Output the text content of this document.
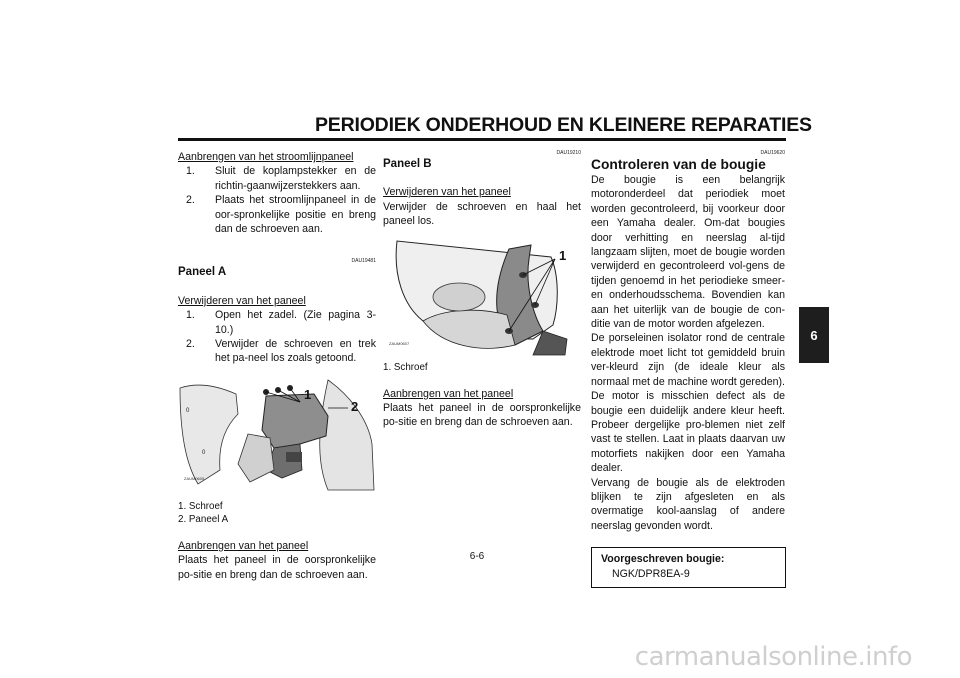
PERIODIEK ONDERHOUD EN KLEINERE REPARATIES

Aanbrengen van het stroomlijnpaneel

1. Sluit de koplampstekker en de richtin-gaanwijzerstekkers aan.
2. Plaats het stroomlijnpaneel in de oor-spronkelijke positie en breng dan de schroeven aan.

DAU19481

Paneel A

Verwijderen van het paneel

1. Open het zadel. (Zie pagina 3-10.)
2. Verwijder de schroeven en trek het pa-neel los zoals getoond.
0
0
1
2
ZAUM0605

1. Schroef

2. Paneel A

Aanbrengen van het paneel

Plaats het paneel in de oorspronkelijke po-sitie en breng dan de schroeven aan.

DAU19210

Paneel B

Verwijderen van het paneel

Verwijder de schroeven en haal het paneel los.

1
ZAUM0607

1. Schroef

Aanbrengen van het paneel

Plaats het paneel in de oorspronkelijke po-sitie en breng dan de schroeven aan.

DAU19620

Controleren van de bougie

De bougie is een belangrijk motoronderdeel dat periodiek moet worden gecontroleerd, bij voorkeur door een Yamaha dealer. Om-dat bougies door verhitting en neerslag al-tijd langzaam slijten, moet de bougie worden verwijderd en gecontroleerd vol-gens de tijden genoemd in het periodieke smeer- en onderhoudsschema. Bovendien kan aan het uiterlijk van de bougie de con-ditie van de motor worden afgelezen.

De porseleinen isolator rond de centrale elektrode moet licht tot gemiddeld bruin ver-kleurd zijn (de ideale kleur als normaal met de machine wordt gereden). De motor is misschien defect als de bougie een duidelijk andere kleur heeft. Probeer dergelijke pro-blemen niet zelf vast te stellen. Laat in plaats daarvan uw motorfiets nakijken door een Yamaha dealer.

Vervang de bougie als de elektroden blijken te zijn afgesleten en als overmatige kool-aanslag of andere neerslag gevonden wordt.

Voorgeschreven bougie:

NGK/DPR8EA-9

6
6-6
carmanualsonline.info
